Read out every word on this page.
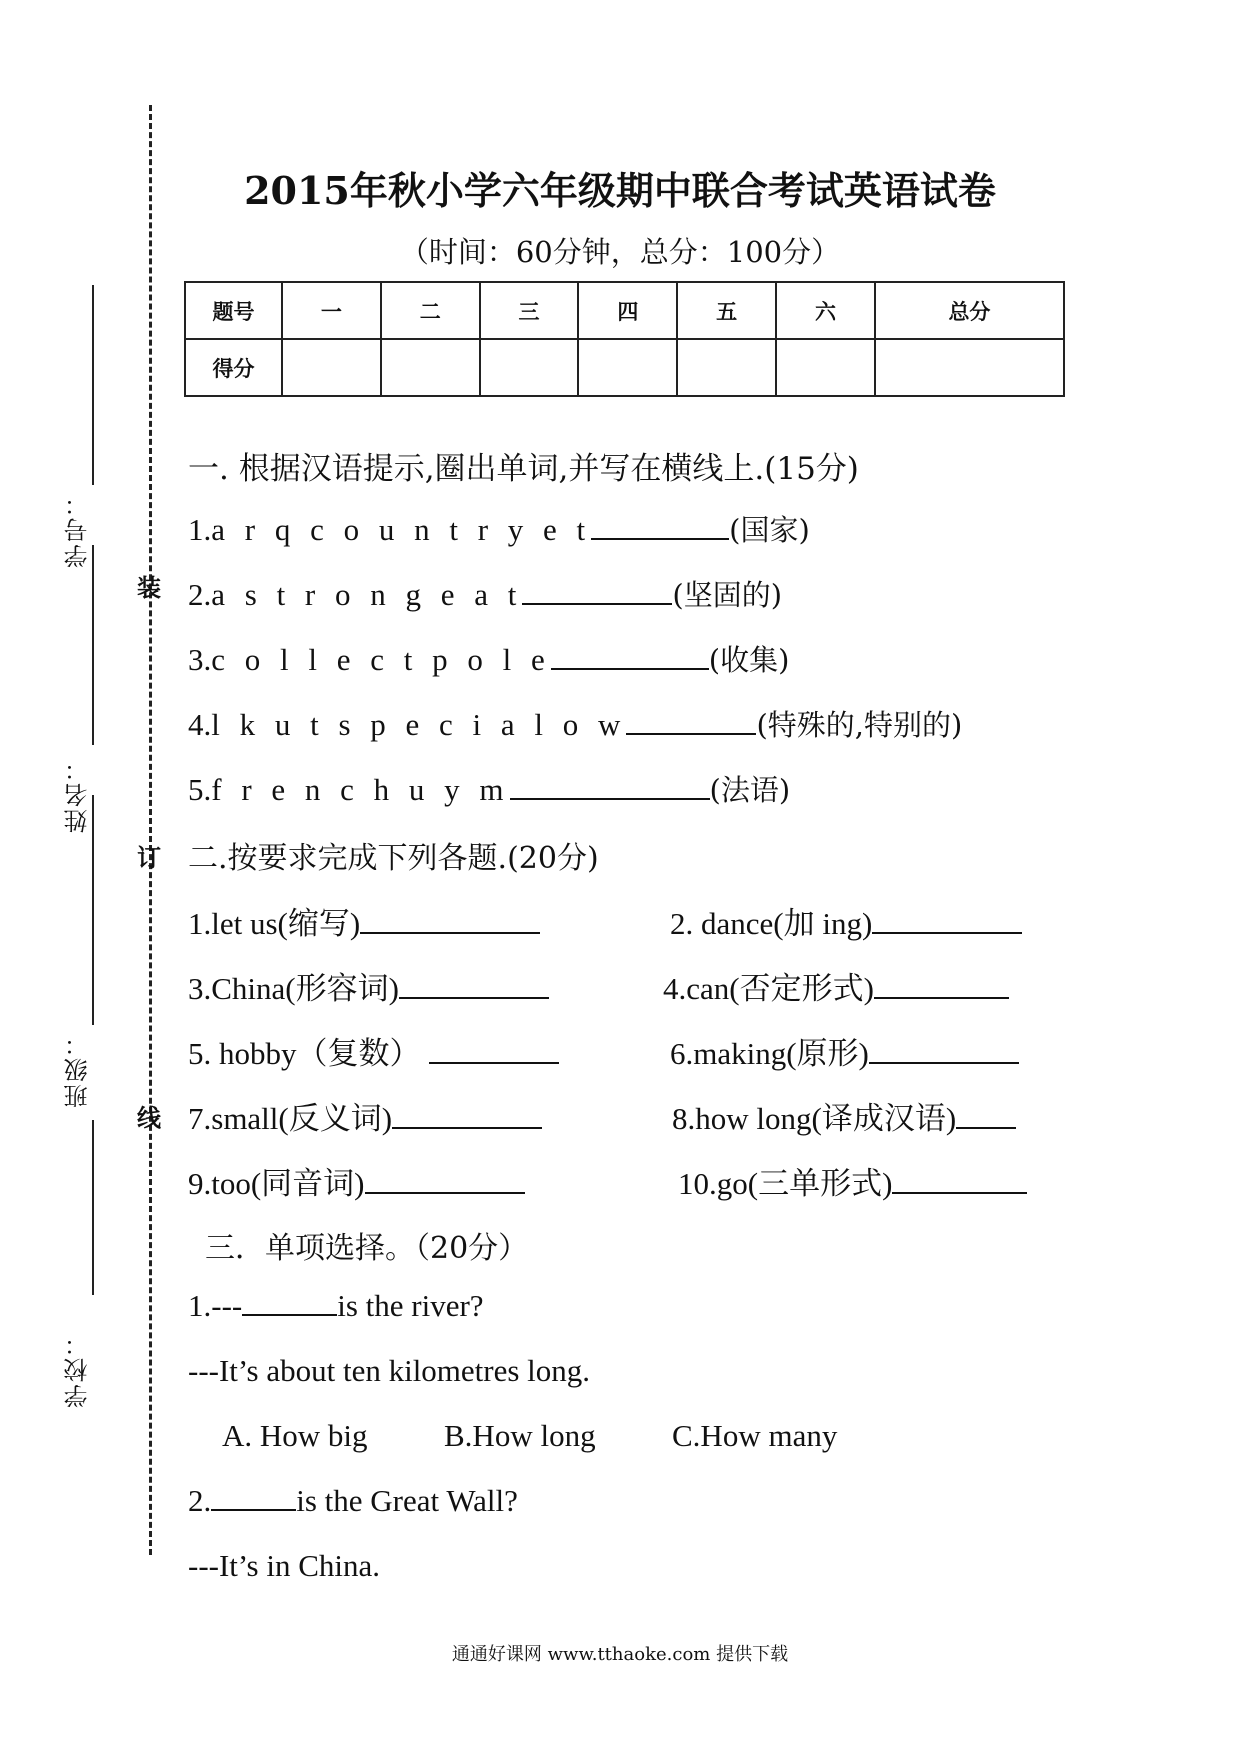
学号：
姓名：
班级：
学校：
装
订
线
2015年秋小学六年级期中联合考试英语试卷
（时间：60分钟，总分：100分）
题号	一	二	三	四	五	六	总分
得分							
一. 根据汉语提示,圈出单词,并写在横线上.(15分)
1.a r q c o u n t r y e t	(国家)
2.a s t r o n g e a t	(坚固的)
3.c o l l e c t p o l e	(收集)
4.l k u t s p e c i a l o w	(特殊的,特别的)
5.f r e n c h u y m	(法语)
二.按要求完成下列各题.(20分)
1.let us(缩写)	2. dance(加 ing)
3.China(形容词)	4.can(否定形式)
5. hobby（复数）	6.making(原形)
7.small(反义词)	8.how long(译成汉语)
9.too(同音词)	10.go(三单形式)
三．单项选择。（20分）
1.---	is the river?
---It’s about ten kilometres long.
A. How big B.How long C.How many
2.	is the Great Wall?
---It’s in China.
通通好课网 www.tthaoke.com 提供下载
